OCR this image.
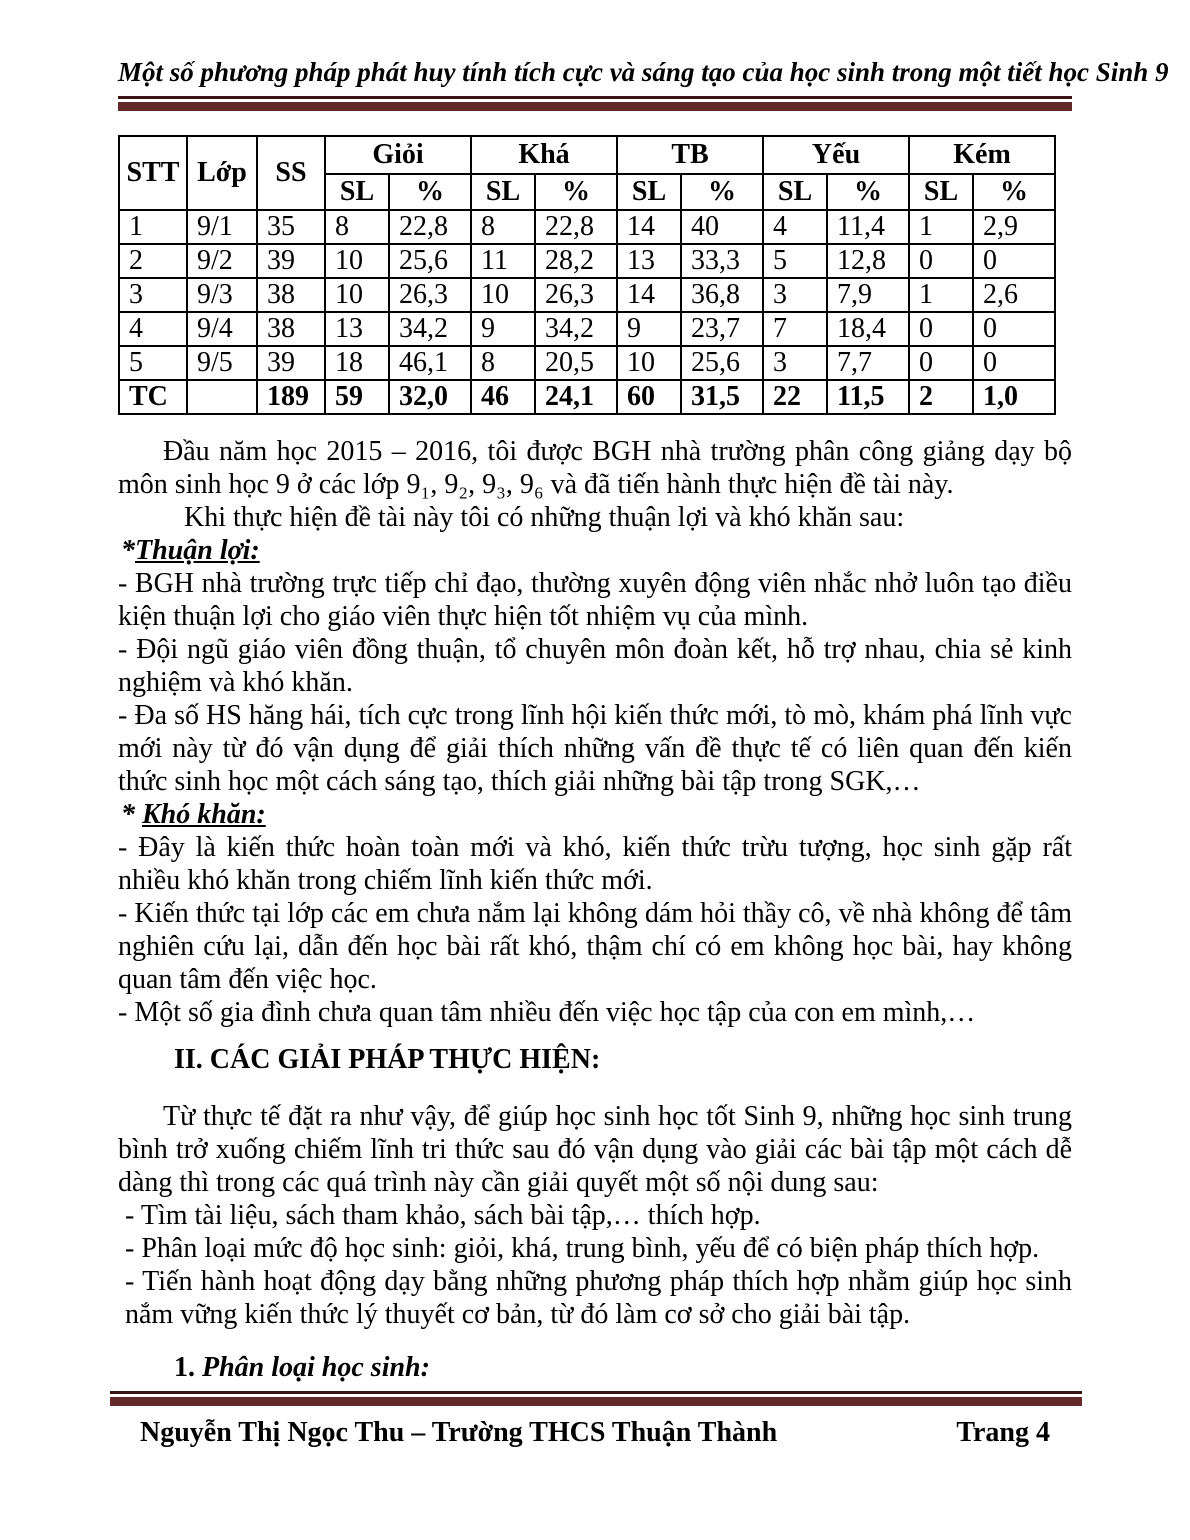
Một số phương pháp phát huy tính tích cực và sáng tạo của học sinh trong một tiết học Sinh 9
STT	Lớp	SS	Giỏi		Khá		TB		Yếu		Kém	
			SL	%	SL	%	SL	%	SL	%	SL	%
1	9/1	35	8	22,8	8	22,8	14	40	4	11,4	1	2,9
2	9/2	39	10	25,6	11	28,2	13	33,3	5	12,8	0	0
3	9/3	38	10	26,3	10	26,3	14	36,8	3	7,9	1	2,6
4	9/4	38	13	34,2	9	34,2	9	23,7	7	18,4	0	0
5	9/5	39	18	46,1	8	20,5	10	25,6	3	7,7	0	0
TC		189	59	32,0	46	24,1	60	31,5	22	11,5	2	1,0

Đầu năm học 2015 – 2016, tôi được BGH nhà trường phân công giảng dạy bộ môn sinh học 9 ở các lớp 9₁, 9₂, 9₃, 9₆ và đã tiến hành thực hiện đề tài này.

Khi thực hiện đề tài này tôi có những thuận lợi và khó khăn sau:

*Thuận lợi:

- BGH nhà trường trực tiếp chỉ đạo, thường xuyên động viên nhắc nhở luôn tạo điều kiện thuận lợi cho giáo viên thực hiện tốt nhiệm vụ của mình.

- Đội ngũ giáo viên đồng thuận, tổ chuyên môn đoàn kết, hỗ trợ nhau, chia sẻ kinh nghiệm và khó khăn.

- Đa số HS hăng hái, tích cực trong lĩnh hội kiến thức mới, tò mò, khám phá lĩnh vực mới này từ đó vận dụng để giải thích những vấn đề thực tế có liên quan đến kiến thức sinh học một cách sáng tạo, thích giải những bài tập trong SGK,…

* Khó khăn:

- Đây là kiến thức hoàn toàn mới và khó, kiến thức trừu tượng, học sinh gặp rất nhiều khó khăn trong chiếm lĩnh kiến thức mới.

- Kiến thức tại lớp các em chưa nắm lại không dám hỏi thầy cô, về nhà không để tâm nghiên cứu lại, dẫn đến học bài rất khó, thậm chí có em không học bài, hay không quan tâm đến việc học.

- Một số gia đình chưa quan tâm nhiều đến việc học tập của con em mình,…

II. CÁC GIẢI PHÁP THỰC HIỆN:

Từ thực tế đặt ra như vậy, để giúp học sinh học tốt Sinh 9, những học sinh trung bình trở xuống chiếm lĩnh tri thức sau đó vận dụng vào giải các bài tập một cách dễ dàng thì trong các quá trình này cần giải quyết một số nội dung sau:

- Tìm tài liệu, sách tham khảo, sách bài tập,… thích hợp.

- Phân loại mức độ học sinh: giỏi, khá, trung bình, yếu để có biện pháp thích hợp.

- Tiến hành hoạt động dạy bằng những phương pháp thích hợp nhằm giúp học sinh nắm vững kiến thức lý thuyết cơ bản, từ đó làm cơ sở cho giải bài tập.

1. Phân loại học sinh:

Nguyễn Thị Ngọc Thu – Trường THCS Thuận Thành	Trang 4
